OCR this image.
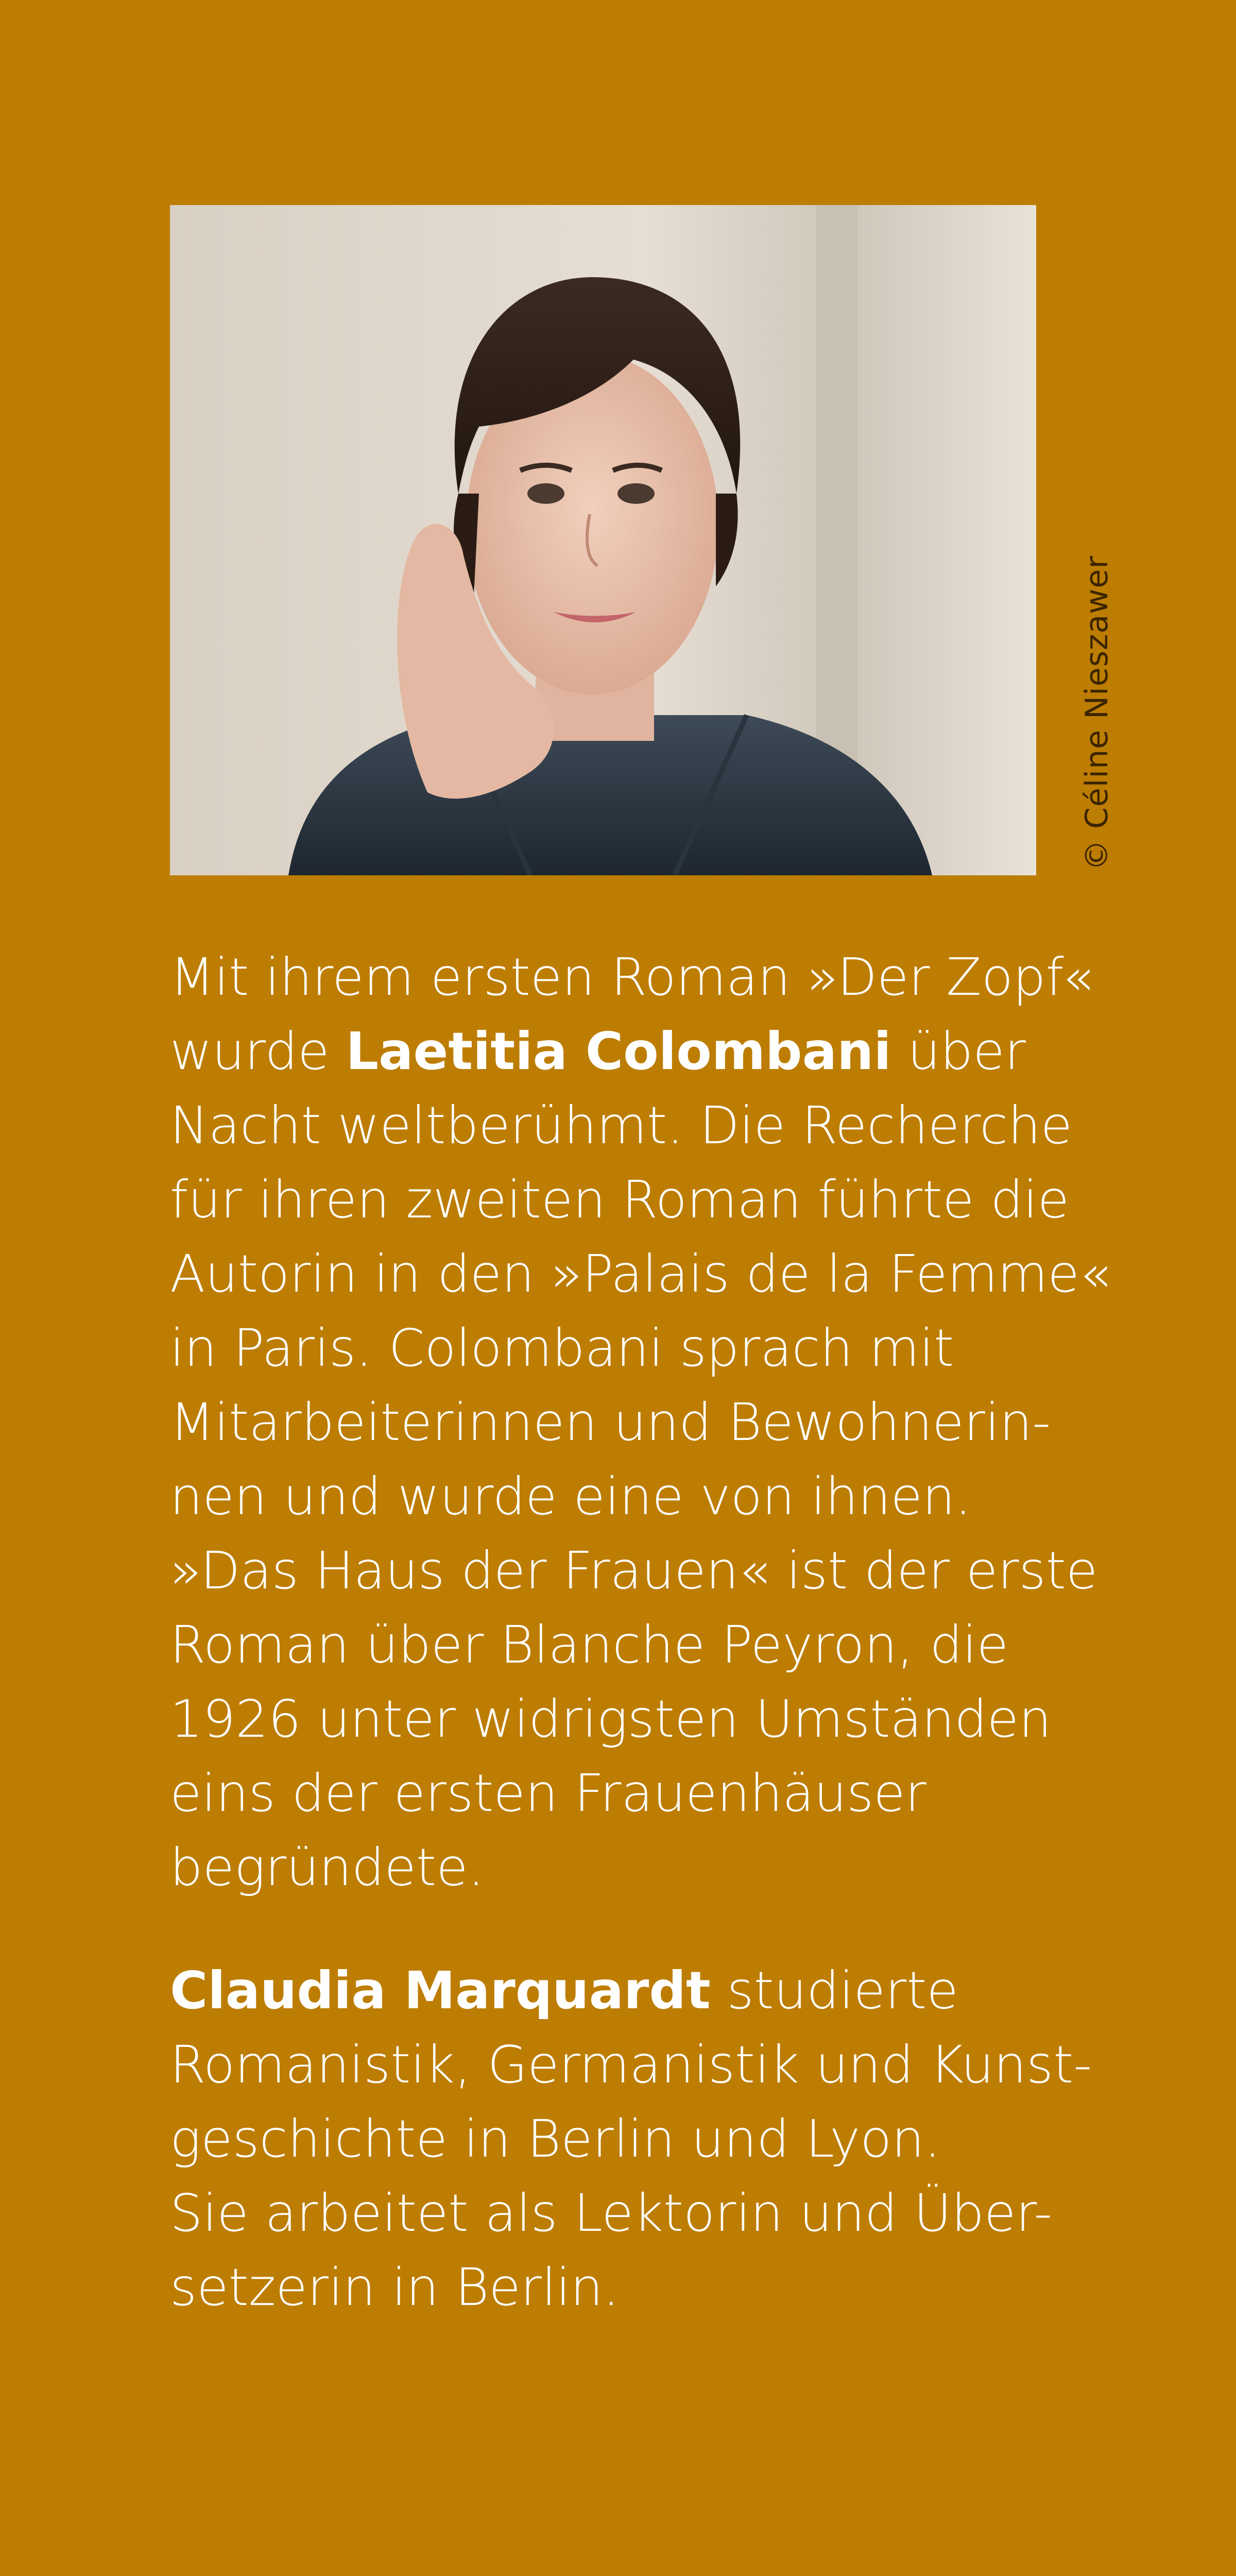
© Céline Nieszawer

Mit ihrem ersten Roman »Der Zopf«
wurde Laetitia Colombani über
Nacht weltberühmt. Die Recherche
für ihren zweiten Roman führte die
Autorin in den »Palais de la Femme«
in Paris. Colombani sprach mit
Mitarbeiterinnen und Bewohnerin-
nen und wurde eine von ihnen.
»Das Haus der Frauen« ist der erste
Roman über Blanche Peyron, die
1926 unter widrigsten Umständen
eins der ersten Frauenhäuser
begründete.

Claudia Marquardt studierte
Romanistik, Germanistik und Kunst-
geschichte in Berlin und Lyon.
Sie arbeitet als Lektorin und Über-
setzerin in Berlin.
